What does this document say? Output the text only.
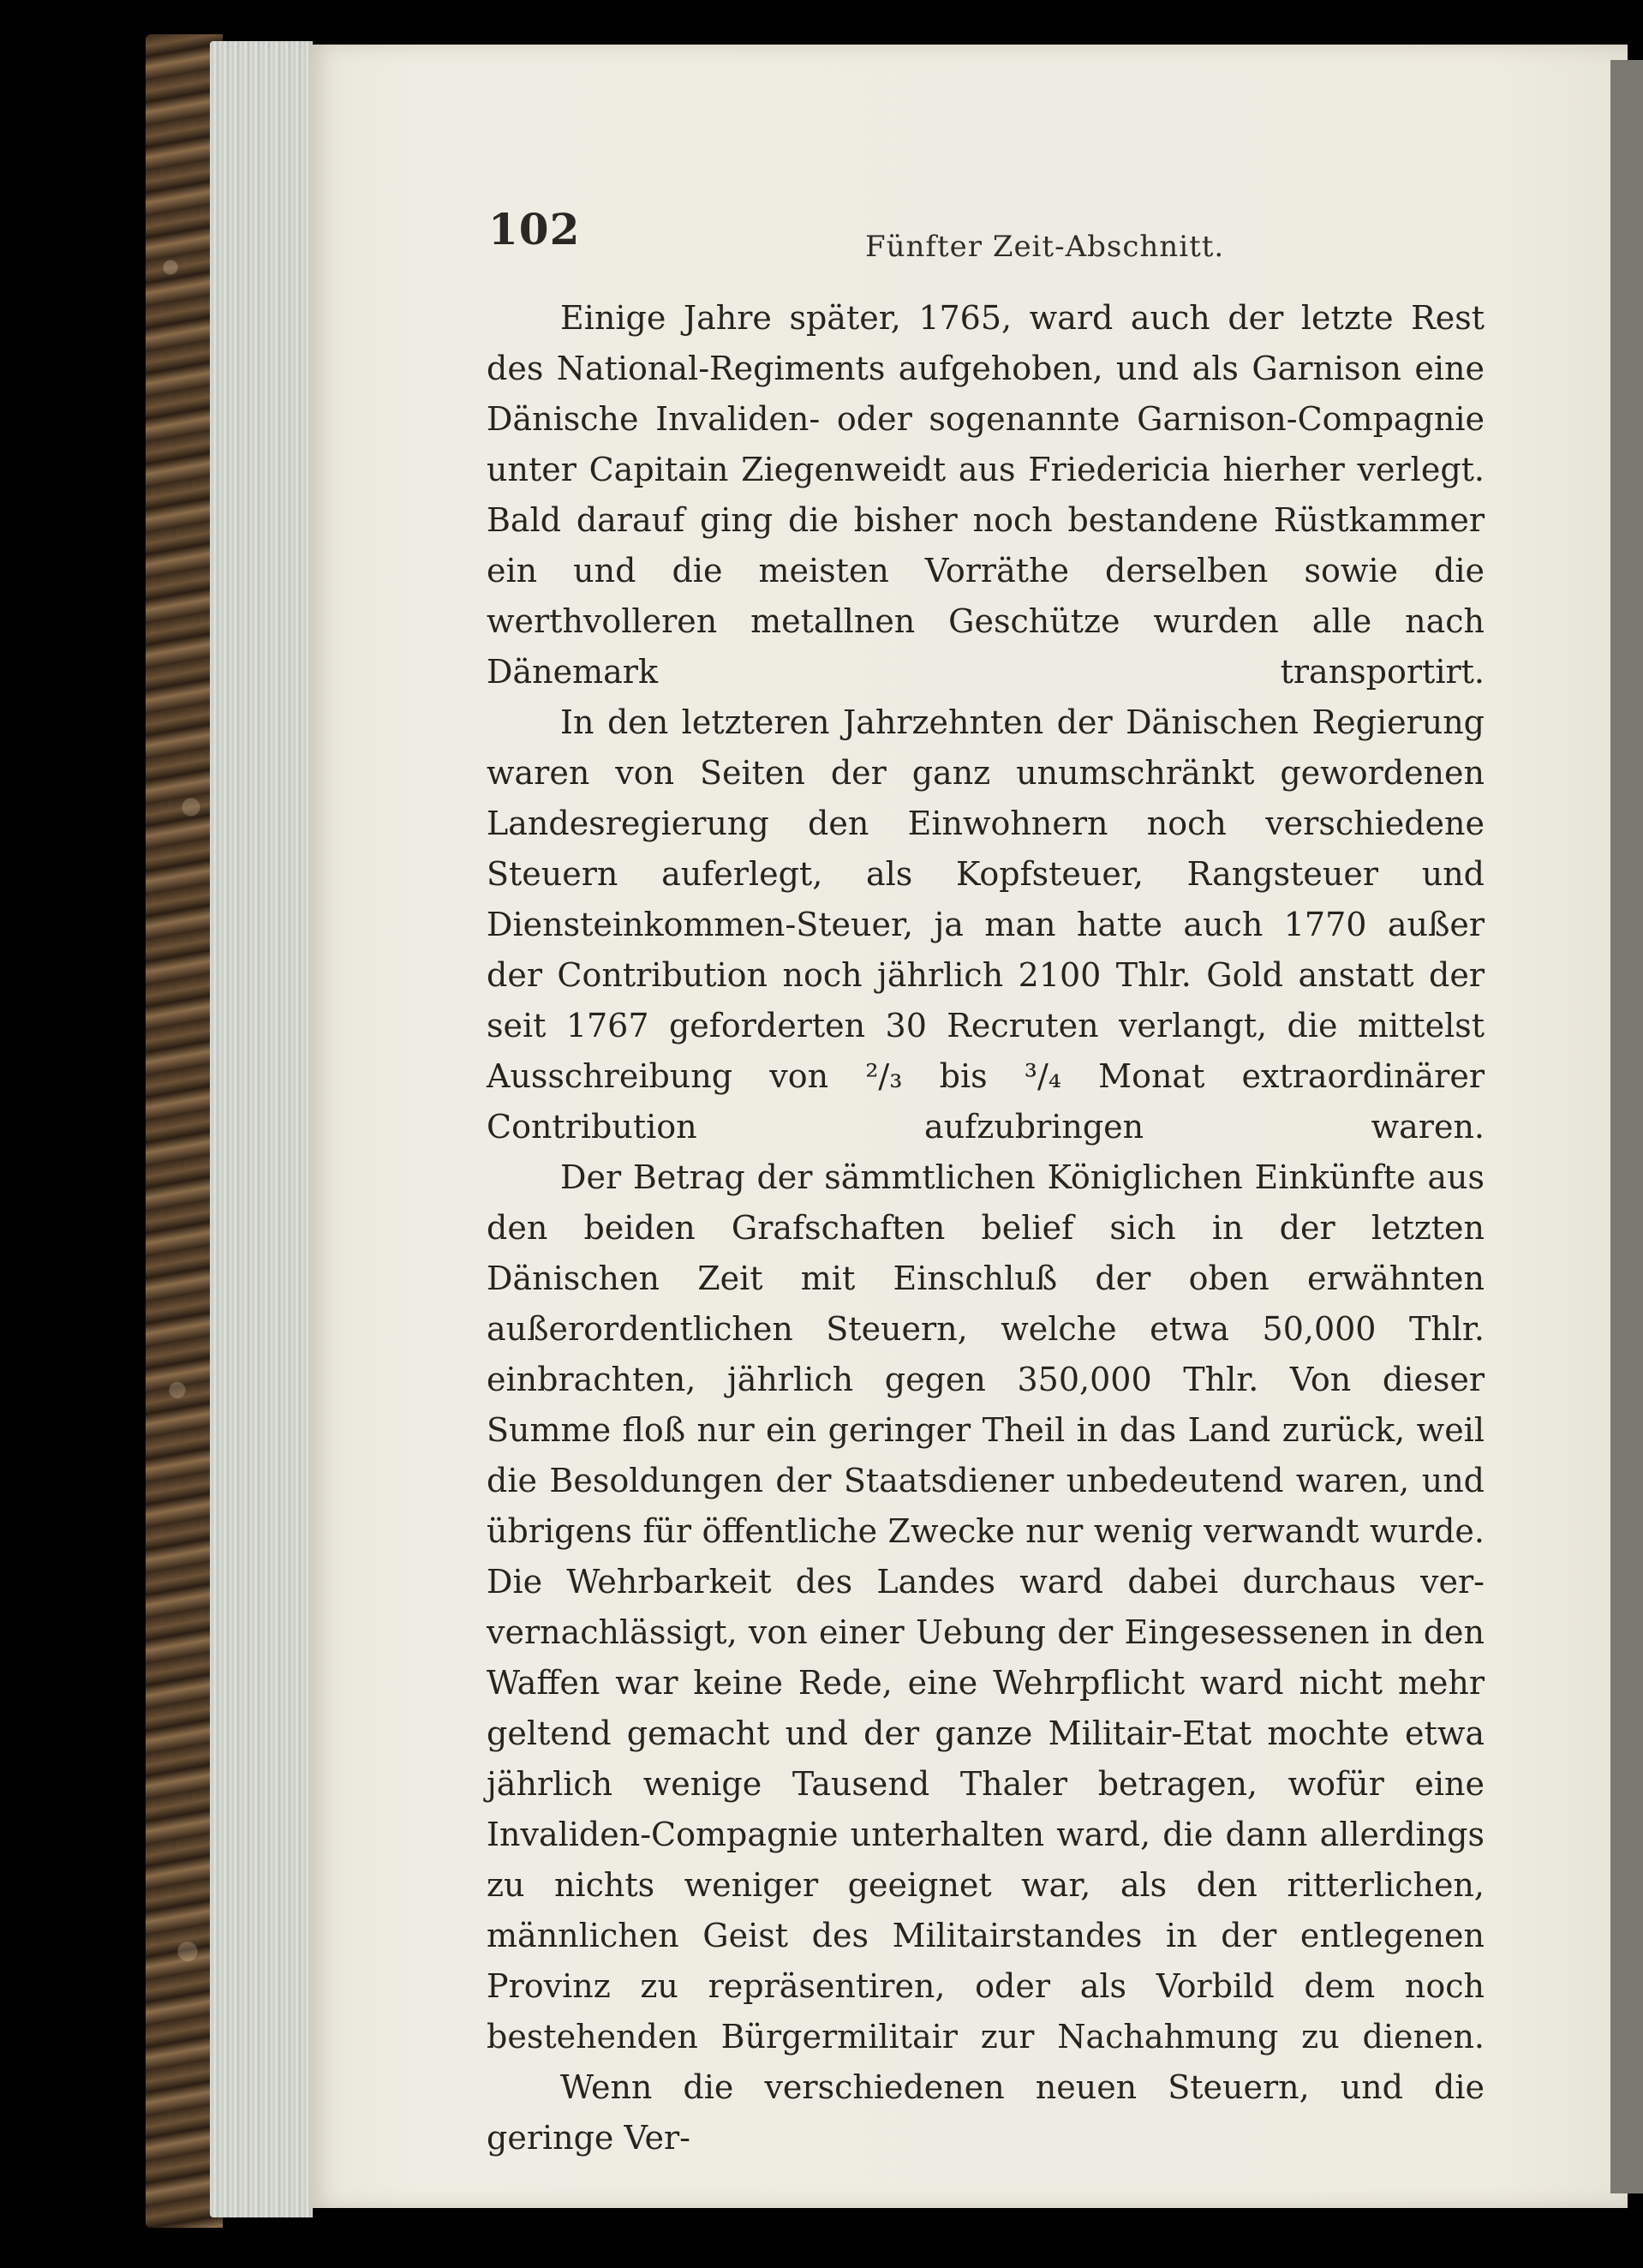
102	Fünfter Zeit-Abschnitt.

Einige Jahre später, 1765, ward auch der letzte Rest des National-Regiments aufgehoben, und als Garnison eine Dänische Invaliden- oder sogenannte Garnison-Compagnie unter Capitain Ziegenweidt aus Friedericia hierher verlegt. Bald darauf ging die bisher noch bestandene Rüstkammer ein und die meisten Vorräthe derselben sowie die werthvolleren metallnen Geschütze wurden alle nach Dänemark transportirt.

In den letzteren Jahrzehnten der Dänischen Regierung waren von Seiten der ganz unumschränkt gewordenen Landesregierung den Einwohnern noch verschiedene Steuern auferlegt, als Kopfsteuer, Rangsteuer und Diensteinkommen-Steuer, ja man hatte auch 1770 außer der Contribution noch jährlich 2100 Thlr. Gold anstatt der seit 1767 geforderten 30 Recruten verlangt, die mittelst Ausschreibung von ²/₃ bis ³/₄ Monat extraordinärer Contribution aufzubringen waren.

Der Betrag der sämmtlichen Königlichen Einkünfte aus den beiden Grafschaften belief sich in der letzten Dänischen Zeit mit Einschluß der oben erwähnten außerordentlichen Steuern, welche etwa 50,000 Thlr. einbrachten, jährlich gegen 350,000 Thlr. Von dieser Summe floß nur ein geringer Theil in das Land zurück, weil die Besoldungen der Staatsdiener unbedeutend waren, und übrigens für öffentliche Zwecke nur wenig verwandt wurde. Die Wehrbarkeit des Landes ward dabei durchaus ver-vernachlässigt, von einer Uebung der Eingesessenen in den Waffen war keine Rede, eine Wehrpflicht ward nicht mehr geltend gemacht und der ganze Militair-Etat mochte etwa jährlich wenige Tausend Thaler betragen, wofür eine Invaliden-Compagnie unterhalten ward, die dann allerdings zu nichts weniger geeignet war, als den ritterlichen, männlichen Geist des Militairstandes in der entlegenen Provinz zu repräsentiren, oder als Vorbild dem noch bestehenden Bürgermilitair zur Nachahmung zu dienen.

Wenn die verschiedenen neuen Steuern, und die geringe Ver-
